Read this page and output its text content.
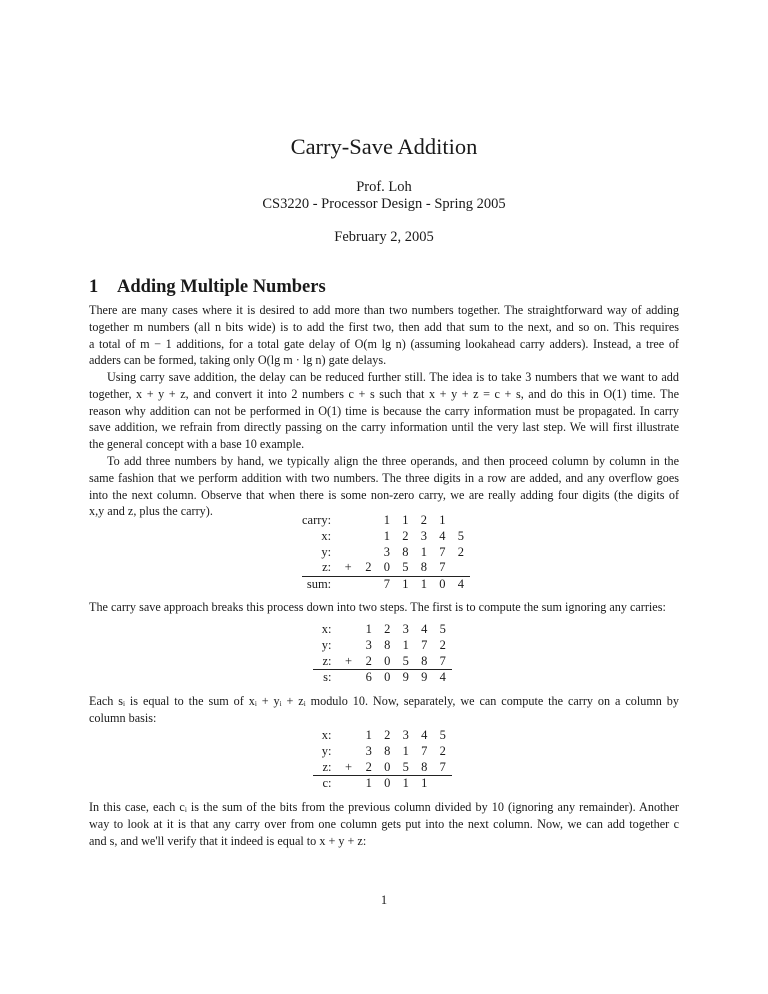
Carry-Save Addition
Prof. Loh
CS3220 - Processor Design - Spring 2005
February 2, 2005
1 Adding Multiple Numbers
There are many cases where it is desired to add more than two numbers together. The straightforward way of adding
together m numbers (all n bits wide) is to add the first two, then add that sum to the next, and so on. This requires
a total of m − 1 additions, for a total gate delay of O(m lg n) (assuming lookahead carry adders). Instead, a tree of
adders can be formed, taking only O(lg m · lg n) gate delays.
Using carry save addition, the delay can be reduced further still. The idea is to take 3 numbers that we want to add
together, x + y + z, and convert it into 2 numbers c + s such that x + y + z = c + s, and do this in O(1) time. The
reason why addition can not be performed in O(1) time is because the carry information must be propagated. In carry
save addition, we refrain from directly passing on the carry information until the very last step. We will first illustrate
the general concept with a base 10 example.
To add three numbers by hand, we typically align the three operands, and then proceed column by column in the
same fashion that we perform addition with two numbers. The three digits in a row are added, and any overflow goes
into the next column. Observe that when there is some non-zero carry, we are really adding four digits (the digits of
x,y and z, plus the carry).
carry:			1	1	2	1	
x:			1	2	3	4	5
y:			3	8	1	7	2
z:	+	2	0	5	8	7	
sum:			7	1	1	0	4
The carry save approach breaks this process down into two steps. The first is to compute the sum ignoring any carries:
x:		1	2	3	4	5
y:		3	8	1	7	2
z:	+	2	0	5	8	7
s:		6	0	9	9	4
Each sᵢ is equal to the sum of xᵢ + yᵢ + zᵢ modulo 10. Now, separately, we can compute the carry on a column by
column basis:
x:		1	2	3	4	5
y:		3	8	1	7	2
z:	+	2	0	5	8	7
c:		1	0	1	1	
In this case, each cᵢ is the sum of the bits from the previous column divided by 10 (ignoring any remainder). Another
way to look at it is that any carry over from one column gets put into the next column. Now, we can add together c
and s, and we'll verify that it indeed is equal to x + y + z:
1
